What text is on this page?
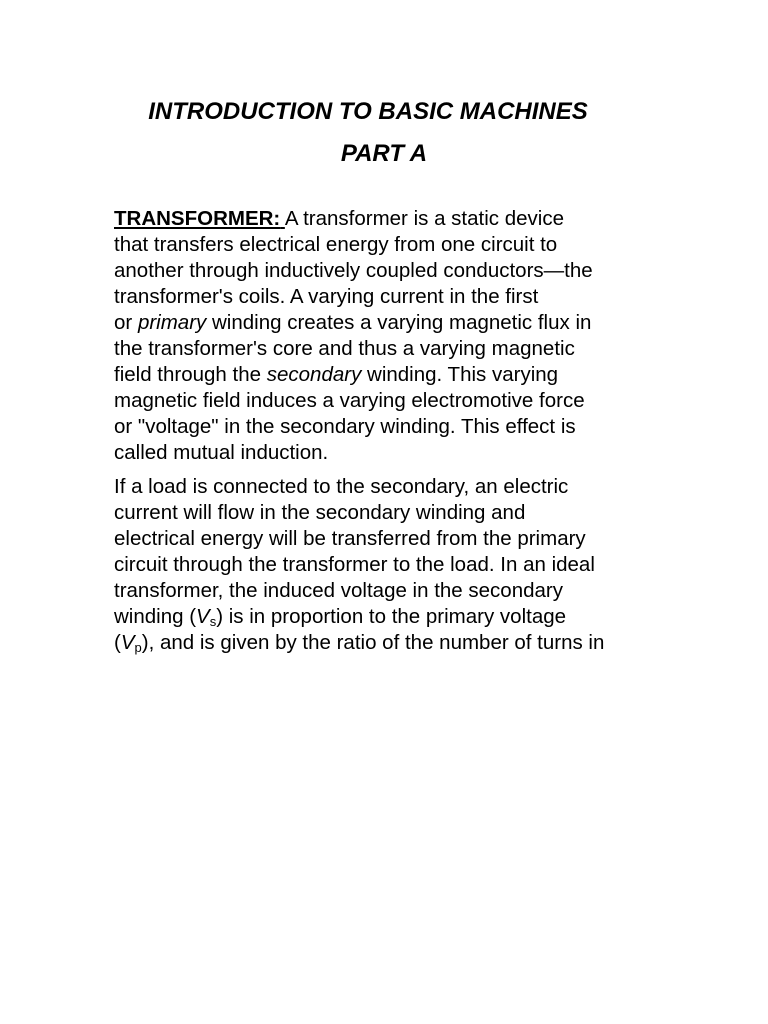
INTRODUCTION TO BASIC MACHINES
PART A
TRANSFORMER: A transformer is a static device
that transfers electrical energy from one circuit to
another through inductively coupled conductors—the
transformer's coils. A varying current in the first
or primary winding creates a varying magnetic flux in
the transformer's core and thus a varying magnetic
field through the secondary winding. This varying
magnetic field induces a varying electromotive force
or "voltage" in the secondary winding. This effect is
called mutual induction.
If a load is connected to the secondary, an electric
current will flow in the secondary winding and
electrical energy will be transferred from the primary
circuit through the transformer to the load. In an ideal
transformer, the induced voltage in the secondary
winding $(V_s)$ is in proportion to the primary voltage
$(V_p)$, and is given by the ratio of the number of turns in
